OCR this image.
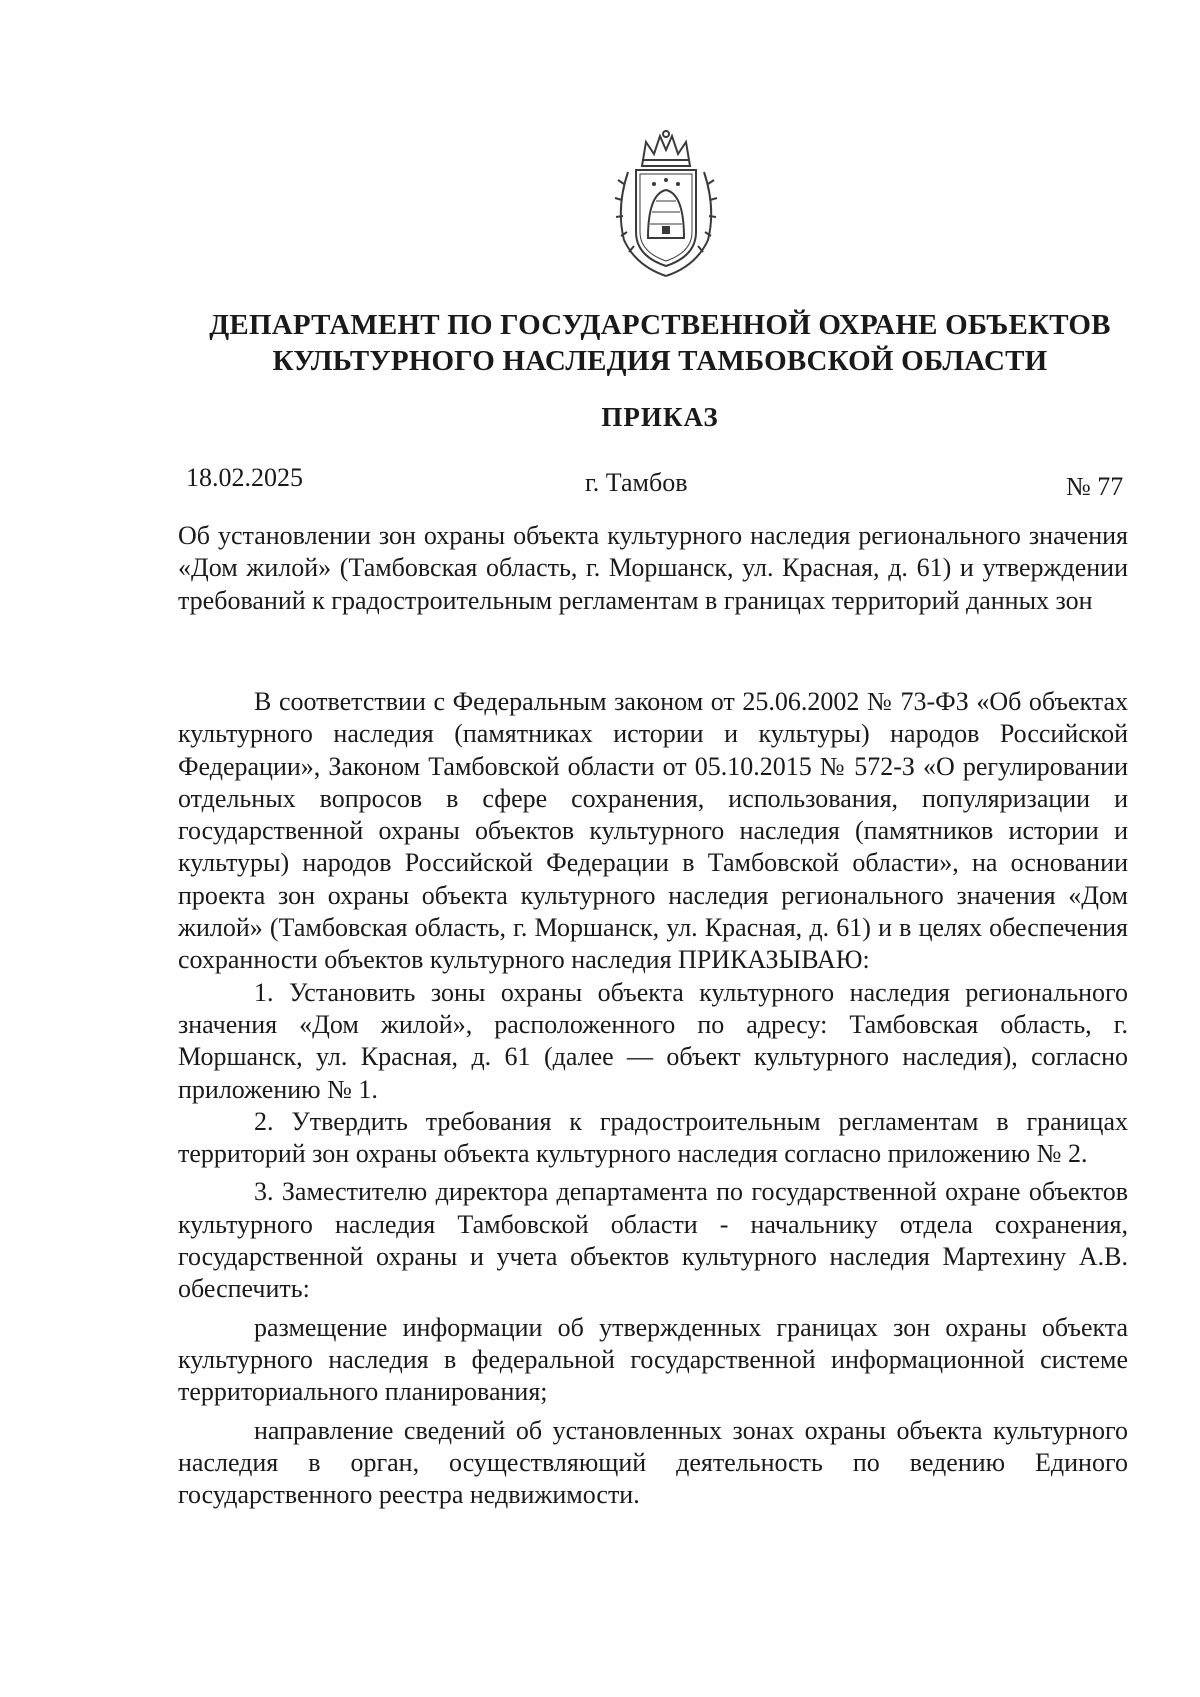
ДЕПАРТАМЕНТ ПО ГОСУДАРСТВЕННОЙ ОХРАНЕ ОБЪЕКТОВ
КУЛЬТУРНОГО НАСЛЕДИЯ ТАМБОВСКОЙ ОБЛАСТИ
ПРИКАЗ
18.02.2025	г. Тамбов	№ 77

Об установлении зон охраны объекта культурного наследия регионального значения «Дом жилой» (Тамбовская область, г. Моршанск, ул. Красная, д. 61) и утверждении требований к градостроительным регламентам в границах территорий данных зон

В соответствии с Федеральным законом от 25.06.2002 № 73-ФЗ «Об объектах культурного наследия (памятниках истории и культуры) народов Российской Федерации», Законом Тамбовской области от 05.10.2015 № 572-З «О регулировании отдельных вопросов в сфере сохранения, использования, популяризации и государственной охраны объектов культурного наследия (памятников истории и культуры) народов Российской Федерации в Тамбовской области», на основании проекта зон охраны объекта культурного наследия регионального значения «Дом жилой» (Тамбовская область, г. Моршанск, ул. Красная, д. 61) и в целях обеспечения сохранности объектов культурного наследия ПРИКАЗЫВАЮ:

1. Установить зоны охраны объекта культурного наследия регионального значения «Дом жилой», расположенного по адресу: Тамбовская область, г. Моршанск, ул. Красная, д. 61 (далее — объект культурного наследия), согласно приложению № 1.

2. Утвердить требования к градостроительным регламентам в границах территорий зон охраны объекта культурного наследия согласно приложению № 2.

3. Заместителю директора департамента по государственной охране объектов культурного наследия Тамбовской области - начальнику отдела сохранения, государственной охраны и учета объектов культурного наследия Мартехину А.В. обеспечить:

размещение информации об утвержденных границах зон охраны объекта культурного наследия в федеральной государственной информационной системе территориального планирования;

направление сведений об установленных зонах охраны объекта культурного наследия в орган, осуществляющий деятельность по ведению Единого государственного реестра недвижимости.
